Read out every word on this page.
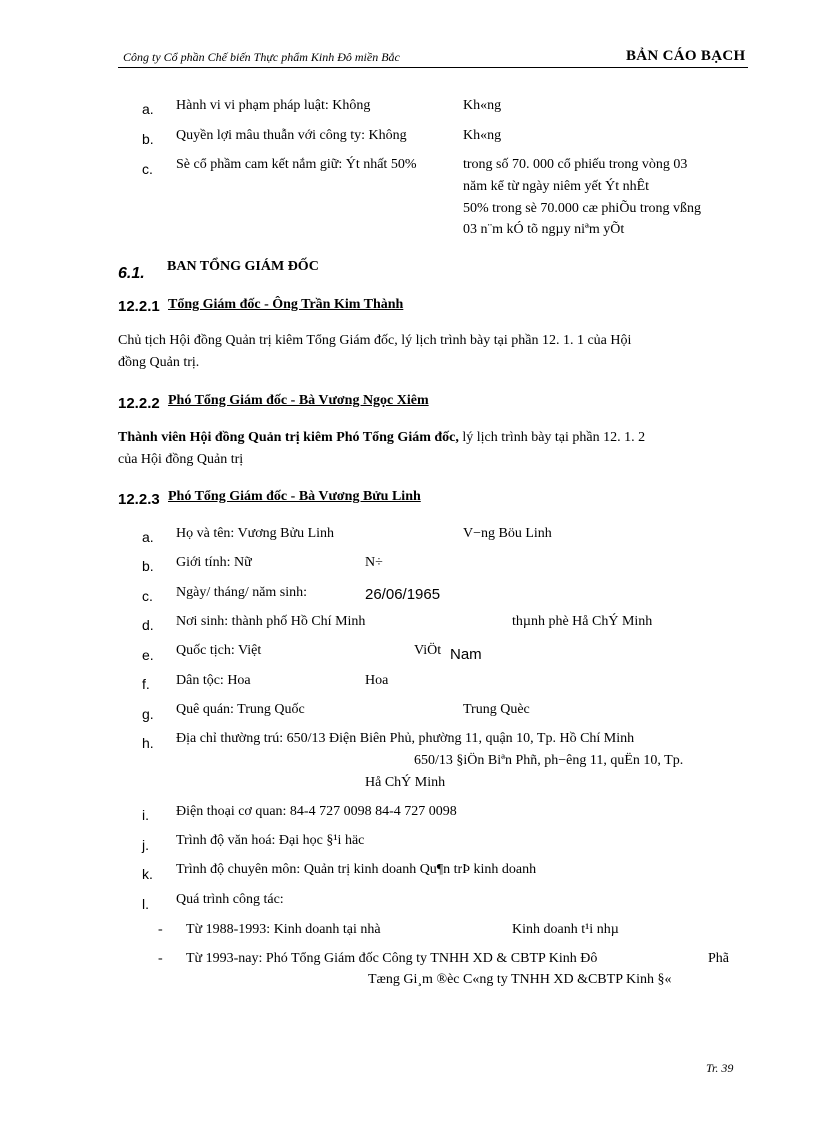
Công ty Cổ phần Chế biến Thực phẩm Kinh Đô miền Bắc	BẢN CÁO BẠCH
a. Hành vi vi phạm pháp luật: Không	Kh«ng
b. Quyền lợi mâu thuẫn với công ty: Không	Kh«ng
c. Sè cổ phầm cam kết nắm giữ: Ýt nhất 50%	trong số 70. 000 cổ phiếu trong vòng 03
năm kể từ ngày niêm yết Ýt nhÊt
50% trong sè 70.000 cæ phiÕu trong vßng
03 n¨m kÓ tõ ngµy niªm yÕt
6.1. BAN TỔNG GIÁM ĐỐC
12.2.1 Tổng Giám đốc - Ông Trần Kim Thành
Chủ tịch Hội đồng Quản trị kiêm Tổng Giám đốc, lý lịch trình bày tại phần 12. 1. 1 của Hội
đồng Quản trị.
12.2.2 Phó Tổng Giám đốc - Bà Vương Ngọc Xiêm
Thành viên Hội đồng Quản trị kiêm Phó Tổng Giám đốc, lý lịch trình bày tại phần 12. 1. 2
của Hội đồng Quản trị
12.2.3 Phó Tổng Giám đốc - Bà Vương Bửu Linh
a. Họ và tên: Vương Bửu Linh	V−ng Böu Linh
b. Giới tính: Nữ	N÷
c. Ngày/ tháng/ năm sinh:	26/06/1965
d. Nơi sinh: thành phố Hồ Chí Minh	thµnh phè Hå ChÝ Minh
e. Quốc tịch: Việt	ViÖt Nam
f. Dân tộc: Hoa	Hoa
g. Quê quán: Trung Quốc	Trung Quèc
h. Địa chỉ thường trú: 650/13 Điện Biên Phủ, phường 11, quận 10, Tp. Hồ Chí Minh
650/13 §iÖn Biªn Phñ, ph−êng 11, quËn 10, Tp.
Hå ChÝ Minh
i. Điện thoại cơ quan: 84-4 727 0098 84-4 727 0098
j. Trình độ văn hoá: Đại học §¹i häc
k. Trình độ chuyên môn: Quản trị kinh doanh Qu¶n trÞ kinh doanh
l. Quá trình công tác:
- Từ 1988-1993: Kinh doanh tại nhà	Kinh doanh t¹i nhµ
- Từ 1993-nay: Phó Tổng Giám đốc Công ty TNHH XD & CBTP Kinh Đô	Phã
Tæng Gi¸m ®èc C«ng ty TNHH XD &CBTP Kinh §«
Tr. 39
